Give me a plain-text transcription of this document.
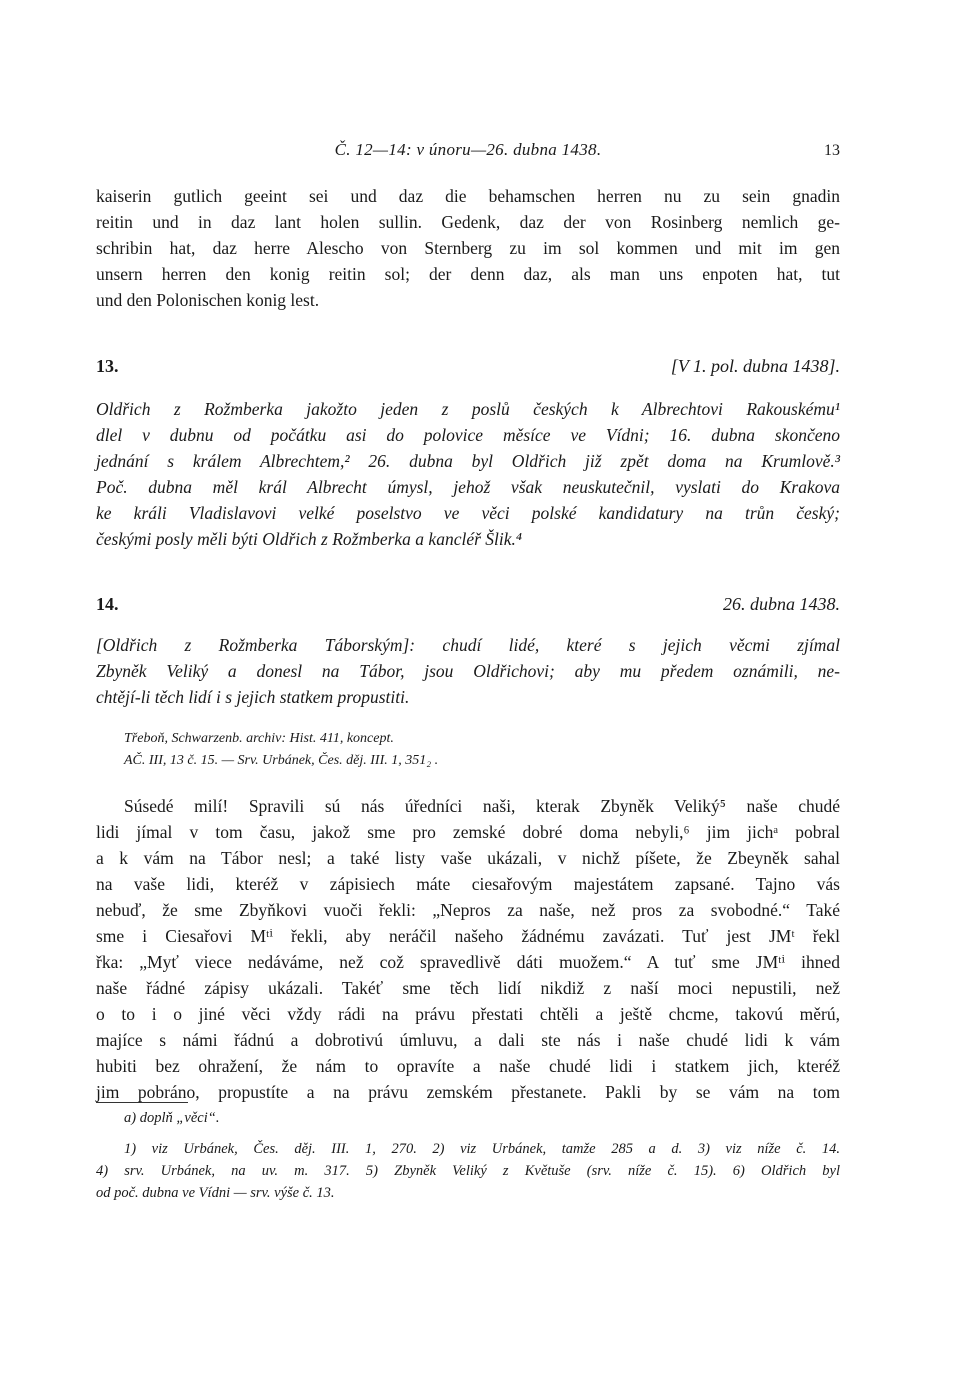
Č. 12—14: v únoru—26. dubna 1438.	13

kaiserin gutlich geeint sei und daz die behamschen herren nu zu sein gnadin
reitin und in daz lant holen sullin. Gedenk, daz der von Rosinberg nemlich ge-
schribin hat, daz herre Alescho von Sternberg zu im sol kommen und mit im gen
unsern herren den konig reitin sol; der denn daz, als man uns enpoten hat, tut
und den Polonischen konig lest.

13.	[V 1. pol. dubna 1438].

Oldřich z Rožmberka jakožto jeden z poslů českých k Albrechtovi Rakouskému¹
dlel v dubnu od počátku asi do polovice měsíce ve Vídni; 16. dubna skončeno
jednání s králem Albrechtem,² 26. dubna byl Oldřich již zpět doma na Krumlově.³
Poč. dubna měl král Albrecht úmysl, jehož však neuskutečnil, vyslati do Krakova
ke králi Vladislavovi velké poselstvo ve věci polské kandidatury na trůn český;
českými posly měli býti Oldřich z Rožmberka a kancléř Šlik.⁴

14.	26. dubna 1438.

[Oldřich z Rožmberka Táborským]: chudí lidé, které s jejich věcmi zjímal
Zbyněk Veliký a donesl na Tábor, jsou Oldřichovi; aby mu předem oznámili, ne-
chtějí-li těch lidí i s jejich statkem propustiti.

Třeboň, Schwarzenb. archiv: Hist. 411, koncept.
AČ. III, 13 č. 15. — Srv. Urbánek, Čes. děj. III. 1, 351₂ .

Súsedé milí! Spravili sú nás úředníci naši, kterak Zbyněk Veliký⁵ naše chudé
lidi jímal v tom času, jakož sme pro zemské dobré doma nebyli,⁶ jim jichᵃ pobral
a k vám na Tábor nesl; a také listy vaše ukázali, v nichž píšete, že Zbeyněk sahal
na vaše lidi, kteréž v zápisiech máte ciesařovým majestátem zapsané. Tajno vás
nebuď, že sme Zbyňkovi vuoči řekli: „Nepros za naše, než pros za svobodné.“ Také
sme i Ciesařovi Mᵗⁱ řekli, aby neráčil našeho žádnému zavázati. Tuť jest JMᵗ řekl
řka: „Myť viece nedáváme, než což spravedlivě dáti muožem.“ A tuť sme JMᵗⁱ ihned
naše řádné zápisy ukázali. Takéť sme těch lidí nikdiž z naší moci nepustili, než
o to i o jiné věci vždy rádi na právu přestati chtěli a ještě chcme, takovú měrú,
majíce s námi řádnú a dobrotivú úmluvu, a dali ste nás i naše chudé lidi k vám
hubiti bez ohražení, že nám to opravíte a naše chudé lidi i statkem jich, kteréž
jim pobráno, propustíte a na právu zemském přestanete. Pakli by se vám na tom

a) doplň „věci“.
1) viz Urbánek, Čes. děj. III. 1, 270. 2) viz Urbánek, tamže 285 a d. 3) viz níže č. 14.
4) srv. Urbánek, na uv. m. 317. 5) Zbyněk Veliký z Květuše (srv. níže č. 15). 6) Oldřich byl
od poč. dubna ve Vídni — srv. výše č. 13.
